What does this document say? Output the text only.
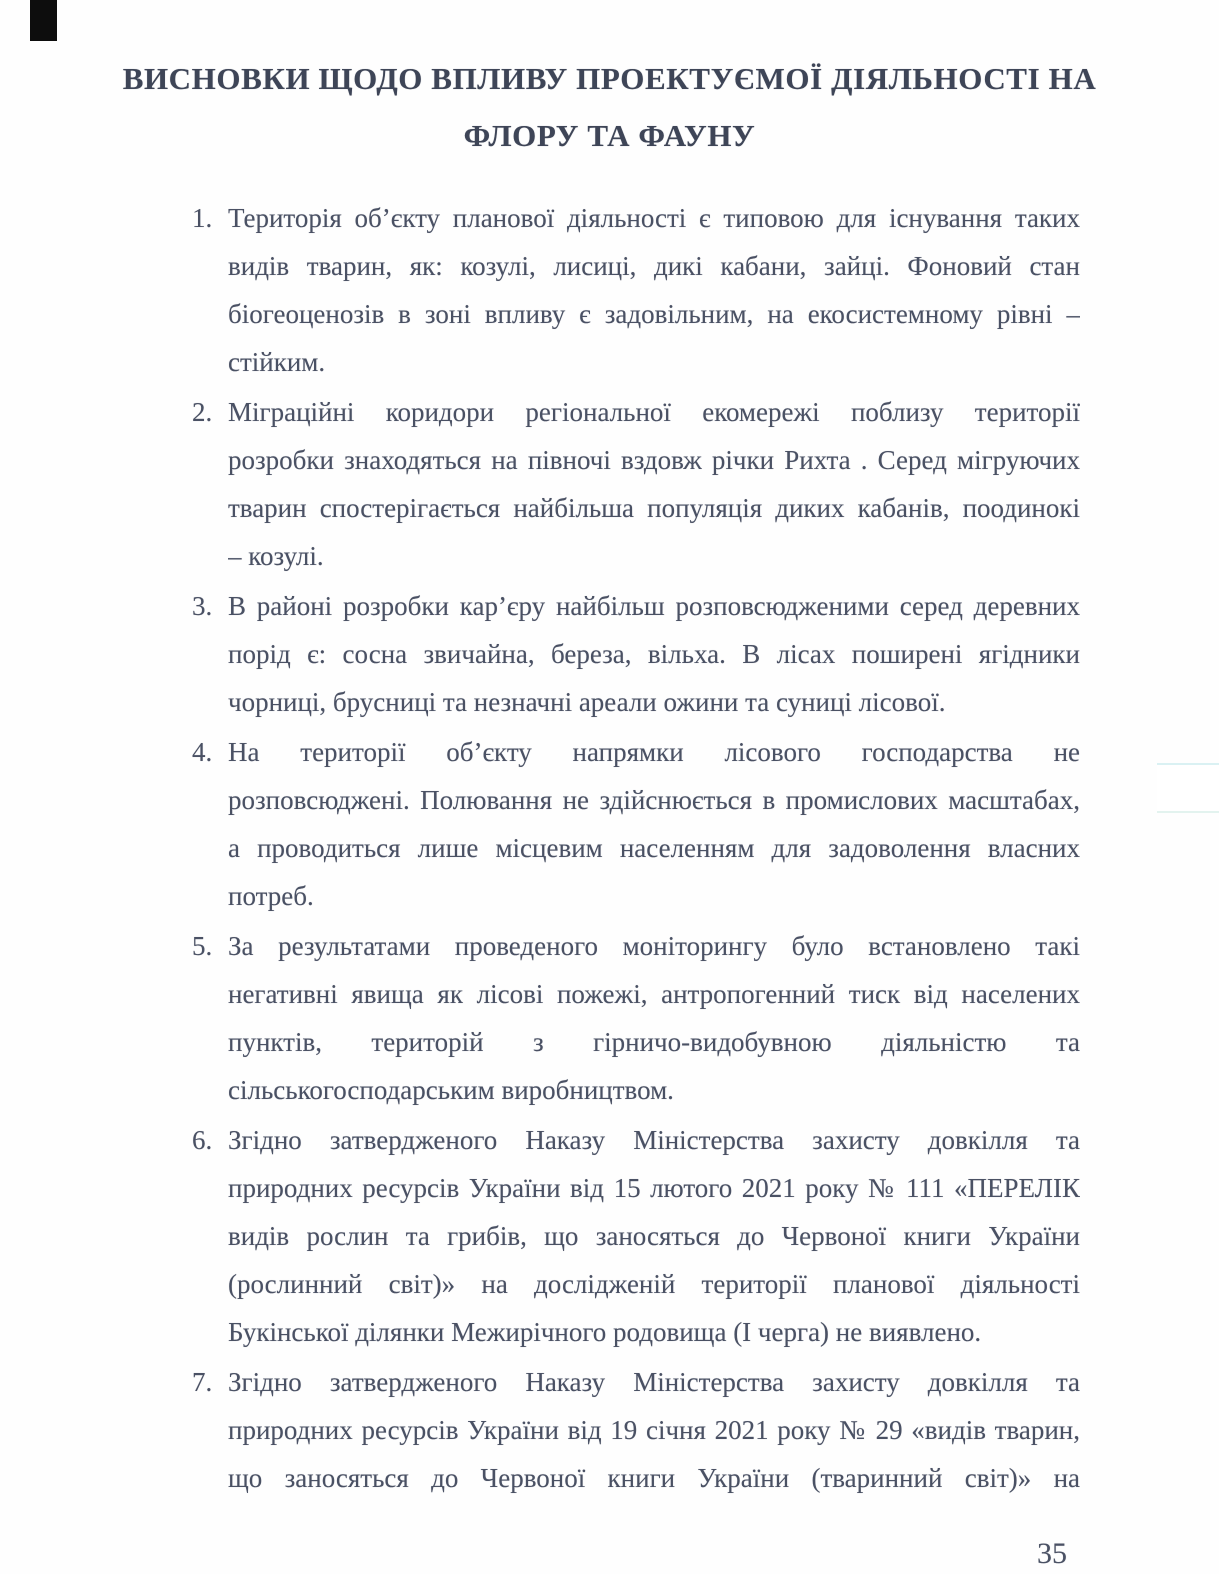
ВИСНОВКИ ЩОДО ВПЛИВУ ПРОЕКТУЄМОЇ ДІЯЛЬНОСТІ НА
ФЛОРУ ТА ФАУНУ
1. Територія об’єкту планової діяльності є типовою для існування таких
видів тварин, як: козулі, лисиці, дикі кабани, зайці. Фоновий стан
біогеоценозів в зоні впливу є задовільним, на екосистемному рівні –
стійким.
2. Міграційні коридори регіональної екомережі поблизу території
розробки знаходяться на півночі вздовж річки Рихта . Серед мігруючих
тварин спостерігається найбільша популяція диких кабанів, поодинокі
– козулі.
3. В районі розробки кар’єру найбільш розповсюдженими серед деревних
порід є: сосна звичайна, береза, вільха. В лісах поширені ягідники
чорниці, брусниці та незначні ареали ожини та суниці лісової.
4. На території об’єкту напрямки лісового господарства не
розповсюджені. Полювання не здійснюється в промислових масштабах,
а проводиться лише місцевим населенням для задоволення власних
потреб.
5. За результатами проведеного моніторингу було встановлено такі
негативні явища як лісові пожежі, антропогенний тиск від населених
пунктів, територій з гірничо-видобувною діяльністю та
сільськогосподарським виробництвом.
6. Згідно затвердженого Наказу Міністерства захисту довкілля та
природних ресурсів України від 15 лютого 2021 року № 111 «ПЕРЕЛІК
видів рослин та грибів, що заносяться до Червоної книги України
(рослинний світ)» на дослідженій території планової діяльності
Букінської ділянки Межирічного родовища (І черга) не виявлено.
7. Згідно затвердженого Наказу Міністерства захисту довкілля та
природних ресурсів України від 19 січня 2021 року № 29 «видів тварин,
що заносяться до Червоної книги України (тваринний світ)» на
35
